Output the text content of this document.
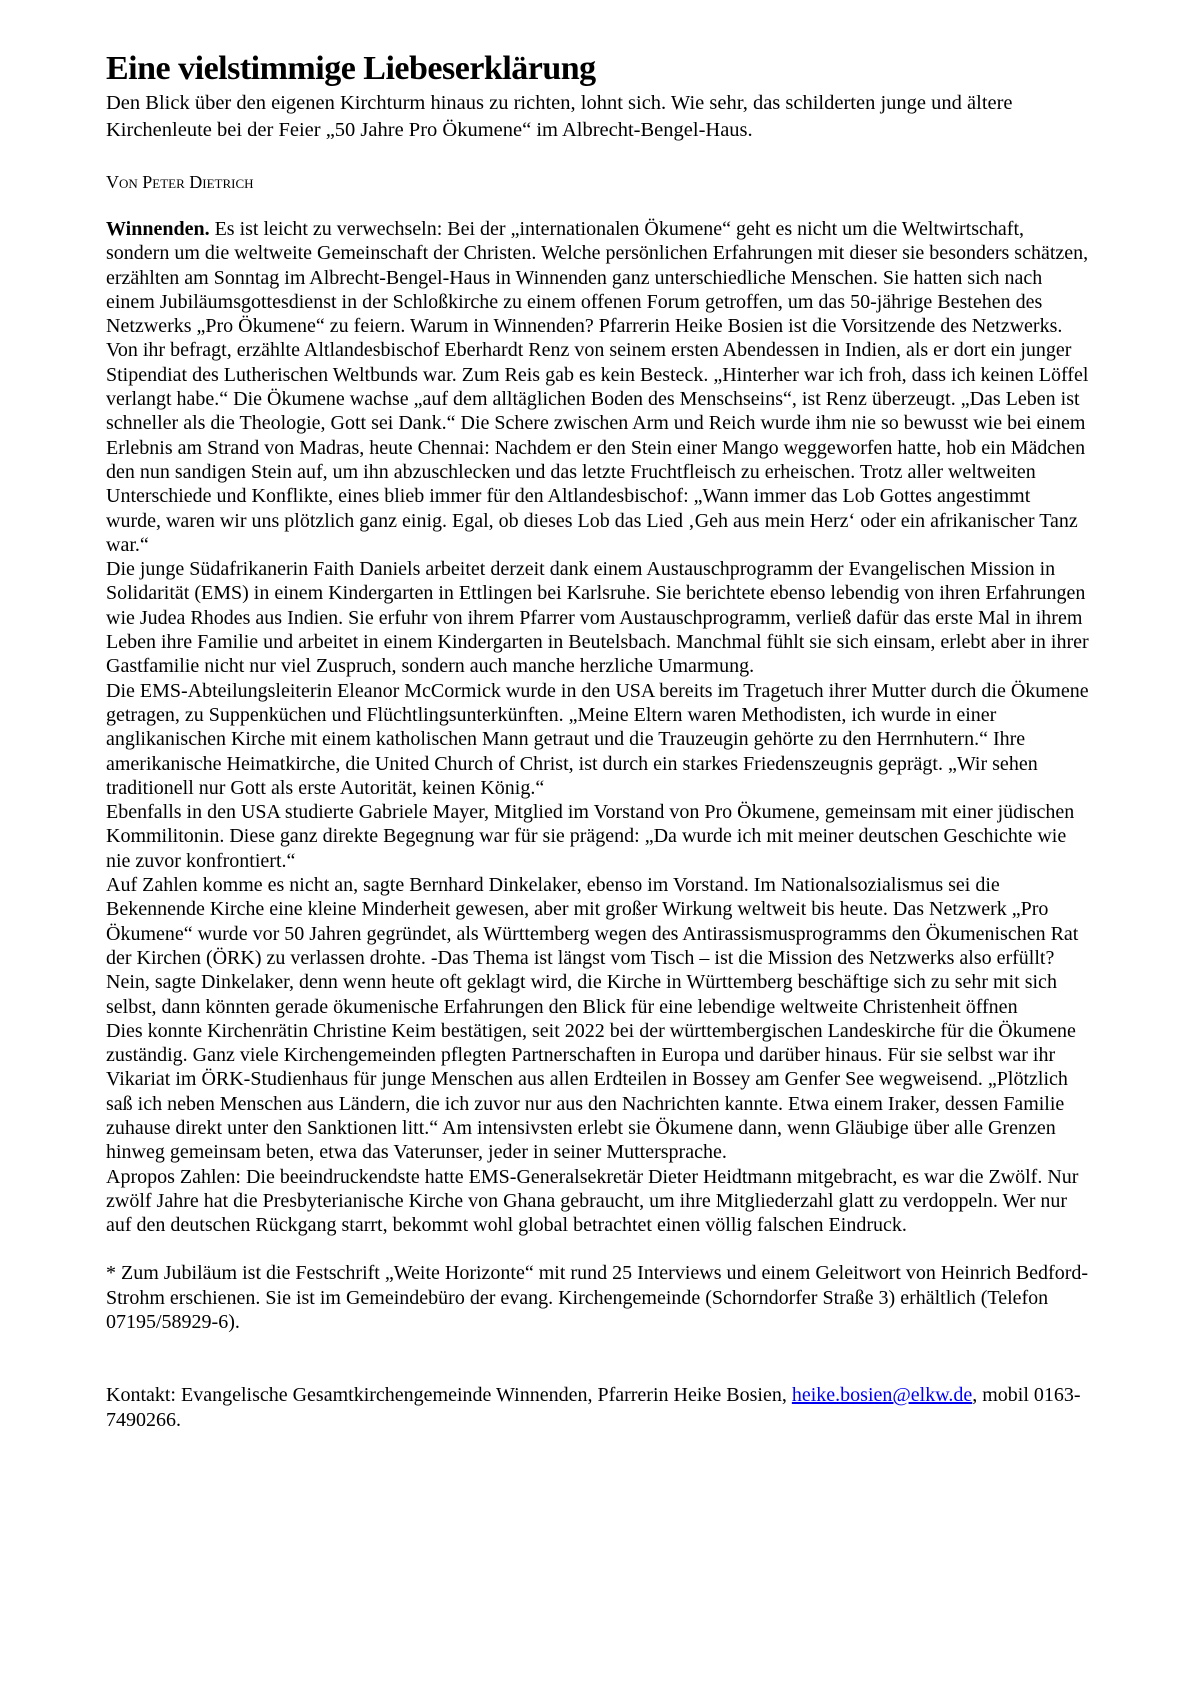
Eine vielstimmige Liebeserklärung

Den Blick über den eigenen Kirchturm hinaus zu richten, lohnt sich. Wie sehr, das schilderten junge und ältere Kirchenleute bei der Feier „50 Jahre Pro Ökumene“ im Albrecht-Bengel-Haus.

Von Peter Dietrich

Winnenden. Es ist leicht zu verwechseln: Bei der „internationalen Ökumene“ geht es nicht um die Weltwirtschaft, sondern um die weltweite Gemeinschaft der Christen. Welche persönlichen Erfahrungen mit dieser sie besonders schätzen, erzählten am Sonntag im Albrecht-Bengel-Haus in Winnenden ganz unterschiedliche Menschen. Sie hatten sich nach einem Jubiläumsgottesdienst in der Schloßkirche zu einem offenen Forum getroffen, um das 50-jährige Bestehen des Netzwerks „Pro Ökumene“ zu feiern. Warum in Winnenden? Pfarrerin Heike Bosien ist die Vorsitzende des Netzwerks.

Von ihr befragt, erzählte Altlandesbischof Eberhardt Renz von seinem ersten Abendessen in Indien, als er dort ein junger Stipendiat des Lutherischen Weltbunds war. Zum Reis gab es kein Besteck. „Hinterher war ich froh, dass ich keinen Löffel verlangt habe.“ Die Ökumene wachse „auf dem alltäglichen Boden des Menschseins“, ist Renz überzeugt. „Das Leben ist schneller als die Theologie, Gott sei Dank.“ Die Schere zwischen Arm und Reich wurde ihm nie so bewusst wie bei einem Erlebnis am Strand von Madras, heute Chennai: Nachdem er den Stein einer Mango weggeworfen hatte, hob ein Mädchen den nun sandigen Stein auf, um ihn abzuschlecken und das letzte Fruchtfleisch zu erheischen. Trotz aller weltweiten Unterschiede und Konflikte, eines blieb immer für den Altlandesbischof: „Wann immer das Lob Gottes angestimmt wurde, waren wir uns plötzlich ganz einig. Egal, ob dieses Lob das Lied ‚Geh aus mein Herz‘ oder ein afrikanischer Tanz war.“

Die junge Südafrikanerin Faith Daniels arbeitet derzeit dank einem Austauschprogramm der Evangelischen Mission in Solidarität (EMS) in einem Kindergarten in Ettlingen bei Karlsruhe. Sie berichtete ebenso lebendig von ihren Erfahrungen wie Judea Rhodes aus Indien. Sie erfuhr von ihrem Pfarrer vom Austauschprogramm, verließ dafür das erste Mal in ihrem Leben ihre Familie und arbeitet in einem Kindergarten in Beutelsbach. Manchmal fühlt sie sich einsam, erlebt aber in ihrer Gastfamilie nicht nur viel Zuspruch, sondern auch manche herzliche Umarmung.

Die EMS-Abteilungsleiterin Eleanor McCormick wurde in den USA bereits im Tragetuch ihrer Mutter durch die Ökumene getragen, zu Suppenküchen und Flüchtlingsunterkünften. „Meine Eltern waren Methodisten, ich wurde in einer anglikanischen Kirche mit einem katholischen Mann getraut und die Trauzeugin gehörte zu den Herrnhutern.“ Ihre amerikanische Heimatkirche, die United Church of Christ, ist durch ein starkes Friedenszeugnis geprägt. „Wir sehen traditionell nur Gott als erste Autorität, keinen König.“

Ebenfalls in den USA studierte Gabriele Mayer, Mitglied im Vorstand von Pro Ökumene, gemeinsam mit einer jüdischen Kommilitonin. Diese ganz direkte Begegnung war für sie prägend: „Da wurde ich mit meiner deutschen Geschichte wie nie zuvor konfrontiert.“

Auf Zahlen komme es nicht an, sagte Bernhard Dinkelaker, ebenso im Vorstand. Im Nationalsozialismus sei die Bekennende Kirche eine kleine Minderheit gewesen, aber mit großer Wirkung weltweit bis heute. Das Netzwerk „Pro Ökumene“ wurde vor 50 Jahren gegründet, als Württemberg wegen des Antirassismusprogramms den Ökumenischen Rat der Kirchen (ÖRK) zu verlassen drohte. -Das Thema ist längst vom Tisch – ist die Mission des Netzwerks also erfüllt? Nein, sagte Dinkelaker, denn wenn heute oft geklagt wird, die Kirche in Württemberg beschäftige sich zu sehr mit sich selbst, dann könnten gerade ökumenische Erfahrungen den Blick für eine lebendige weltweite Christenheit öffnen

Dies konnte Kirchenrätin Christine Keim bestätigen, seit 2022 bei der württembergischen Landeskirche für die Ökumene zuständig. Ganz viele Kirchengemeinden pflegten Partnerschaften in Europa und darüber hinaus. Für sie selbst war ihr Vikariat im ÖRK-Studienhaus für junge Menschen aus allen Erdteilen in Bossey am Genfer See wegweisend. „Plötzlich saß ich neben Menschen aus Ländern, die ich zuvor nur aus den Nachrichten kannte. Etwa einem Iraker, dessen Familie zuhause direkt unter den Sanktionen litt.“ Am intensivsten erlebt sie Ökumene dann, wenn Gläubige über alle Grenzen hinweg gemeinsam beten, etwa das Vaterunser, jeder in seiner Muttersprache.

Apropos Zahlen: Die beeindruckendste hatte EMS-Generalsekretär Dieter Heidtmann mitgebracht, es war die Zwölf. Nur zwölf Jahre hat die Presbyterianische Kirche von Ghana gebraucht, um ihre Mitgliederzahl glatt zu verdoppeln. Wer nur auf den deutschen Rückgang starrt, bekommt wohl global betrachtet einen völlig falschen Eindruck.

* Zum Jubiläum ist die Festschrift „Weite Horizonte“ mit rund 25 Interviews und einem Geleitwort von Heinrich Bedford-Strohm erschienen. Sie ist im Gemeindebüro der evang. Kirchengemeinde (Schorndorfer Straße 3) erhältlich (Telefon 07195/58929-6).

Kontakt: Evangelische Gesamtkirchengemeinde Winnenden, Pfarrerin Heike Bosien, heike.bosien@elkw.de, mobil 0163-7490266.
